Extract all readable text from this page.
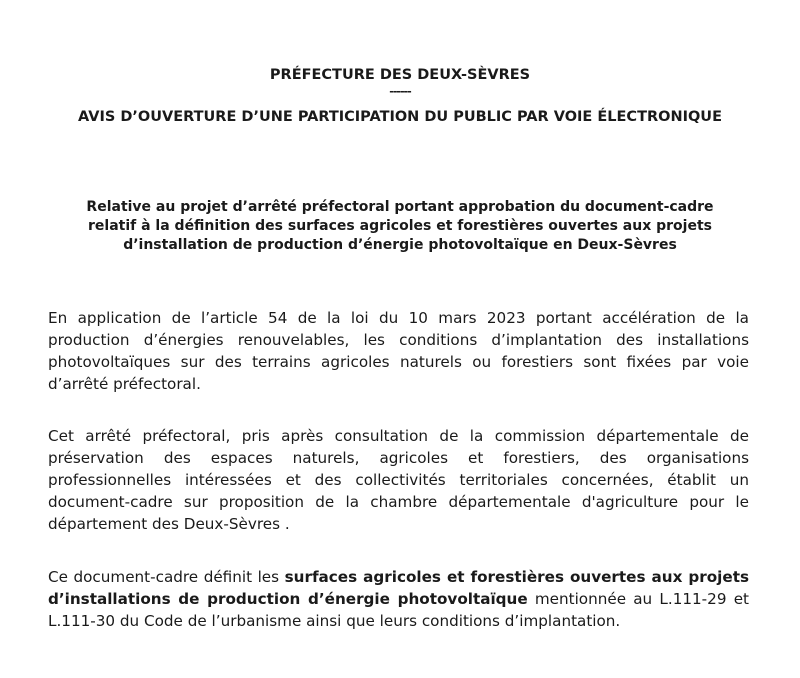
PRÉFECTURE DES DEUX-SÈVRES
------
AVIS D’OUVERTURE D’UNE PARTICIPATION DU PUBLIC PAR VOIE ÉLECTRONIQUE
Relative au projet d’arrêté préfectoral portant approbation du document-cadre relatif à la définition des surfaces agricoles et forestières ouvertes aux projets d’installation de production d’énergie photovoltaïque en Deux-Sèvres

En application de l’article 54 de la loi du 10 mars 2023 portant accélération de la production d’énergies renouvelables, les conditions d’implantation des installations photovoltaïques sur des terrains agricoles naturels ou forestiers sont fixées par voie d’arrêté préfectoral.

Cet arrêté préfectoral, pris après consultation de la commission départementale de préservation des espaces naturels, agricoles et forestiers, des organisations professionnelles intéressées et des collectivités territoriales concernées, établit un document-cadre sur proposition de la chambre départementale d'agriculture pour le département des Deux-Sèvres .

Ce document-cadre définit les surfaces agricoles et forestières ouvertes aux projets d’installations de production d’énergie photovoltaïque mentionnée au L.111-29 et L.111-30 du Code de l’urbanisme ainsi que leurs conditions d’implantation.
